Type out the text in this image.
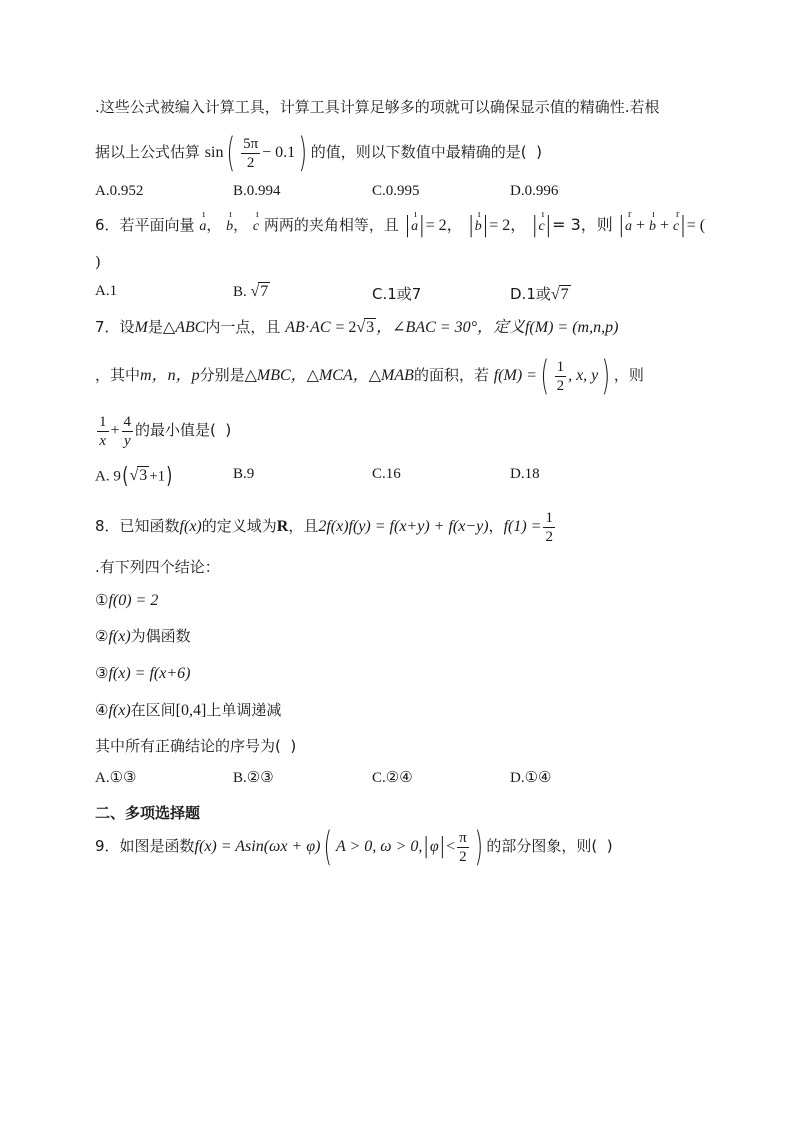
.这些公式被编入计算工具，计算工具计算足够多的项就可以确保显示值的精确性.若根
据以上公式估算 $\sin( \frac{5\pi}{2} - 0.1)$ 的值，则以下数值中最精确的是(  )
A.0.952	B.0.994	C.0.995	D.0.996
6．若平面向量 ı a， ı b， ı c 两两的夹角相等，且 |ı a|= 2， |ı b|= 2， |ı c|= 3，则 |r a + ı b + r c|= (
)
A.1	B. √7	C.1或7	D.1或√7
7．设M是△ABC内一点，且 AB·AC = 2√3 ，∠BAC = 30°，定义f(M) = (m,n,p)
，其中m，n，p分别是△MBC，△MCA，△MAB的面积，若 f(M) =( $\frac{1}{2}$ , x, y) ，则
$\frac{1}{x} + \frac{4}{y}$ 的最小值是(  )
A. 9(√3 +1)	B.9	C.16	D.18
8．已知函数f(x)的定义域为R，且2f(x)f(y) = f(x+y) + f(x−y)，$f(1) = \frac{1}{2}$
.有下列四个结论：
①f(0) = 2
②f(x)为偶函数
③f(x) = f(x+6)
④f(x)在区间[0,4]上单调递减
其中所有正确结论的序号为(  )
A.①③	B.②③	C.②④	D.①④
二、多项选择题
9．如图是函数f(x) = Asin(ωx + φ)( A > 0, $\omega > 0,|\varphi|< \frac{\pi}{2}$ ) 的部分图象，则(  )
